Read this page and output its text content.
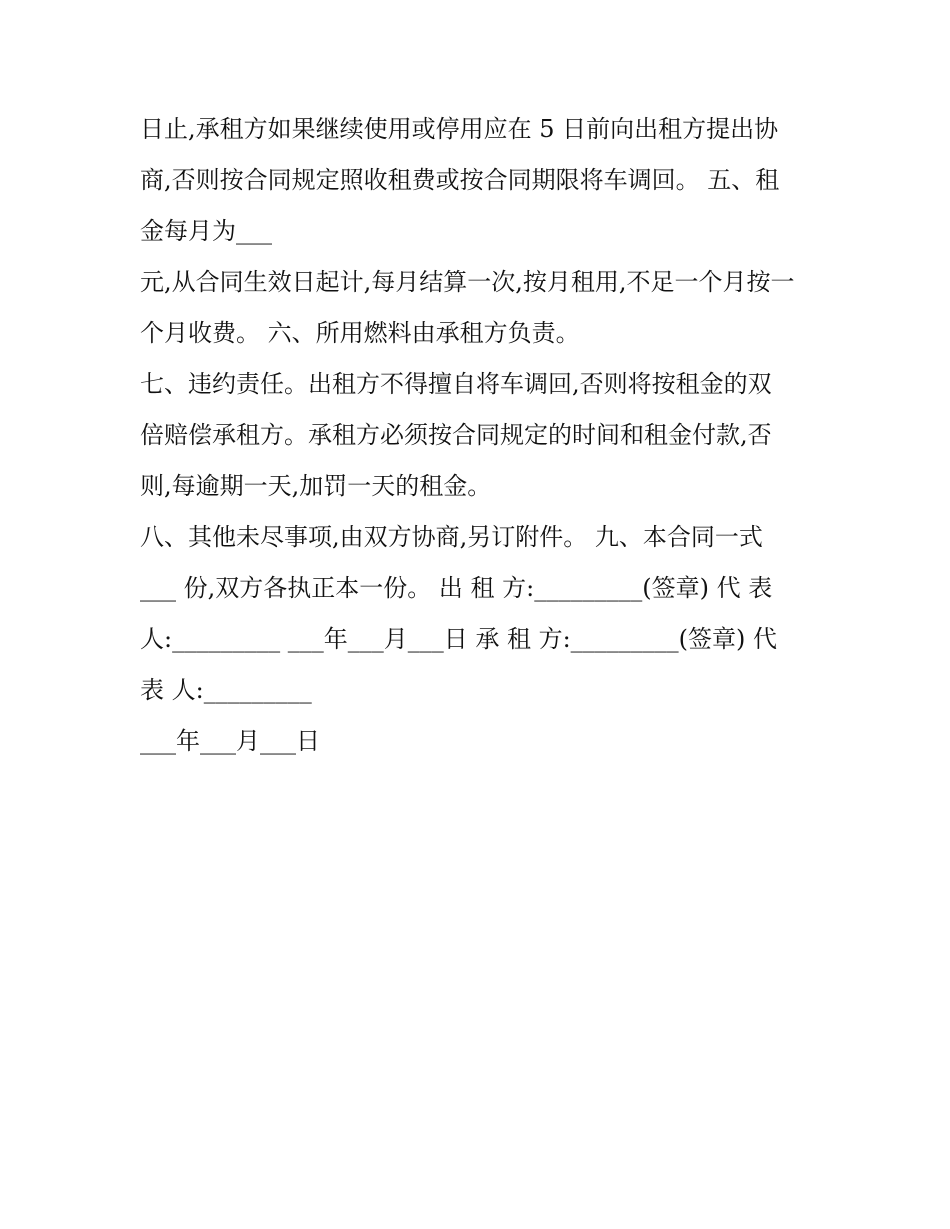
日止,承租方如果继续使用或停用应在 5 日前向出租方提出协
商,否则按合同规定照收租费或按合同期限将车调回。 五、租
金每月为___
元,从合同生效日起计,每月结算一次,按月租用,不足一个月按一
个月收费。 六、所用燃料由承租方负责。
七、违约责任。出租方不得擅自将车调回,否则将按租金的双
倍赔偿承租方。承租方必须按合同规定的时间和租金付款,否
则,每逾期一天,加罚一天的租金。
八、其他未尽事项,由双方协商,另订附件。 九、本合同一式
___ 份,双方各执正本一份。 出 租 方:_________(签章) 代 表
人:_________ ___年___月___日 承 租 方:_________(签章) 代
表 人:_________
___年___月___日
